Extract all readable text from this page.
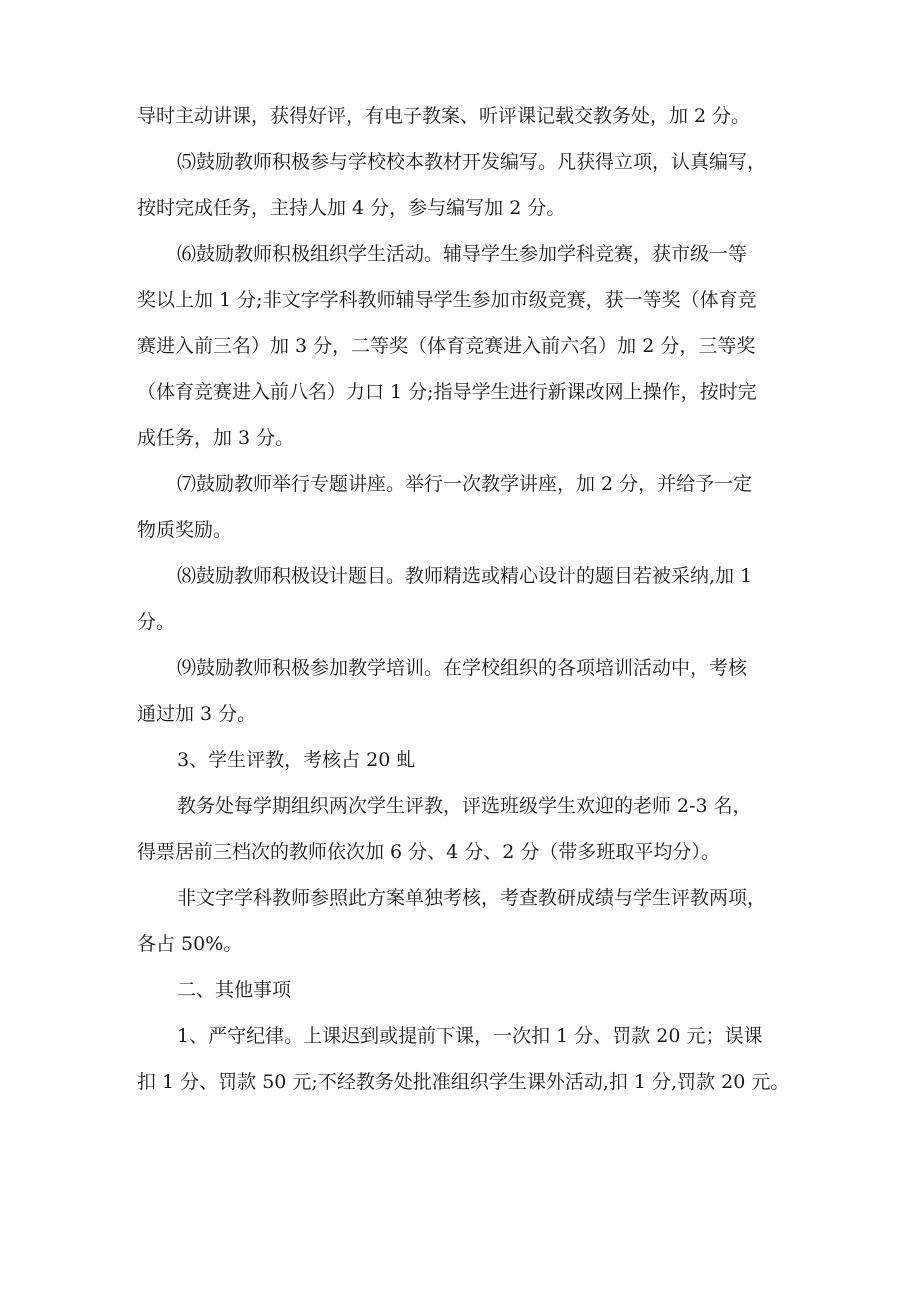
导时主动讲课，获得好评，有电子教案、听评课记载交教务处，加 2 分。
⑸鼓励教师积极参与学校校本教材开发编写。凡获得立项，认真编写，
按时完成任务，主持人加 4 分，参与编写加 2 分。
⑹鼓励教师积极组织学生活动。辅导学生参加学科竞赛，获市级一等
奖以上加 1 分;非文字学科教师辅导学生参加市级竞赛，获一等奖（体育竞
赛进入前三名）加 3 分，二等奖（体育竞赛进入前六名）加 2 分，三等奖
（体育竞赛进入前八名）力口 1 分;指导学生进行新课改网上操作，按时完
成任务，加 3 分。
⑺鼓励教师举行专题讲座。举行一次教学讲座，加 2 分，并给予一定
物质奖励。
⑻鼓励教师积极设计题目。教师精选或精心设计的题目若被采纳,加 1
分。
⑼鼓励教师积极参加教学培训。在学校组织的各项培训活动中，考核
通过加 3 分。
3、学生评教，考核占 20 虬
教务处每学期组织两次学生评教，评选班级学生欢迎的老师 2-3 名，
得票居前三档次的教师依次加 6 分、4 分、2 分（带多班取平均分）。
非文字学科教师参照此方案单独考核，考查教研成绩与学生评教两项，
各占 50%。
二、其他事项
1、严守纪律。上课迟到或提前下课，一次扣 1 分、罚款 20 元；误课
扣 1 分、罚款 50 元;不经教务处批准组织学生课外活动,扣 1 分,罚款 20 元。
